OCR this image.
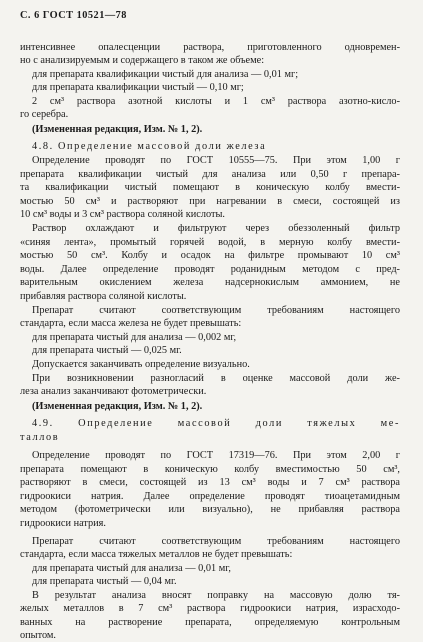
С. 6 ГОСТ 10521—78
интенсивнее опалесценции раствора, приготовленного одновремен-
но с анализируемым и содержащего в таком же объеме:
для препарата квалификации чистый для анализа — 0,01 мг;
для препарата квалификации чистый — 0,10 мг;
2 см³ раствора азотной кислоты и 1 см³ раствора азотно-кисло-
го серебра.
(Измененная редакция, Изм. № 1, 2).
4.8. Определение массовой доли железа
Определение проводят по ГОСТ 10555—75. При этом 1,00 г
препарата квалификации чистый для анализа или 0,50 г препара-
та квалификации чистый помещают в коническую колбу вмести-
мостью 50 см³ и растворяют при нагревании в смеси, состоящей из
10 см³ воды и 3 см³ раствора соляной кислоты.
Раствор охлаждают и фильтруют через обеззоленный фильтр
«синяя лента», промытый горячей водой, в мерную колбу вмести-
мостью 50 см³. Колбу и осадок на фильтре промывают 10 см³
воды. Далее определение проводят роданидным методом с пред-
варительным окислением железа надсернокислым аммонием, не
прибавляя раствора соляной кислоты.
Препарат считают соответствующим требованиям настоящего
стандарта, если масса железа не будет превышать:
для препарата чистый для анализа — 0,002 мг,
для препарата чистый — 0,025 мг.
Допускается заканчивать определение визуально.
При возникновении разногласий в оценке массовой доли же-
леза анализ заканчивают фотометрически.
(Измененная редакция, Изм. № 1, 2).
4.9. Определение массовой доли тяжелых ме-
таллов
Определение проводят по ГОСТ 17319—76. При этом 2,00 г
препарата помещают в коническую колбу вместимостью 50 см³,
растворяют в смеси, состоящей из 13 см³ воды и 7 см³ раствора
гидроокиси натрия. Далее определение проводят тиоацетамидным
методом (фотометрически или визуально), не прибавляя раствора
гидроокиси натрия.
Препарат считают соответствующим требованиям настоящего
стандарта, если масса тяжелых металлов не будет превышать:
для препарата чистый для анализа — 0,01 мг,
для препарата чистый — 0,04 мг.
В результат анализа вносят поправку на массовую долю тя-
желых металлов в 7 см³ раствора гидроокиси натрия, израсходо-
ванных на растворение препарата, определяемую контрольным
опытом.
